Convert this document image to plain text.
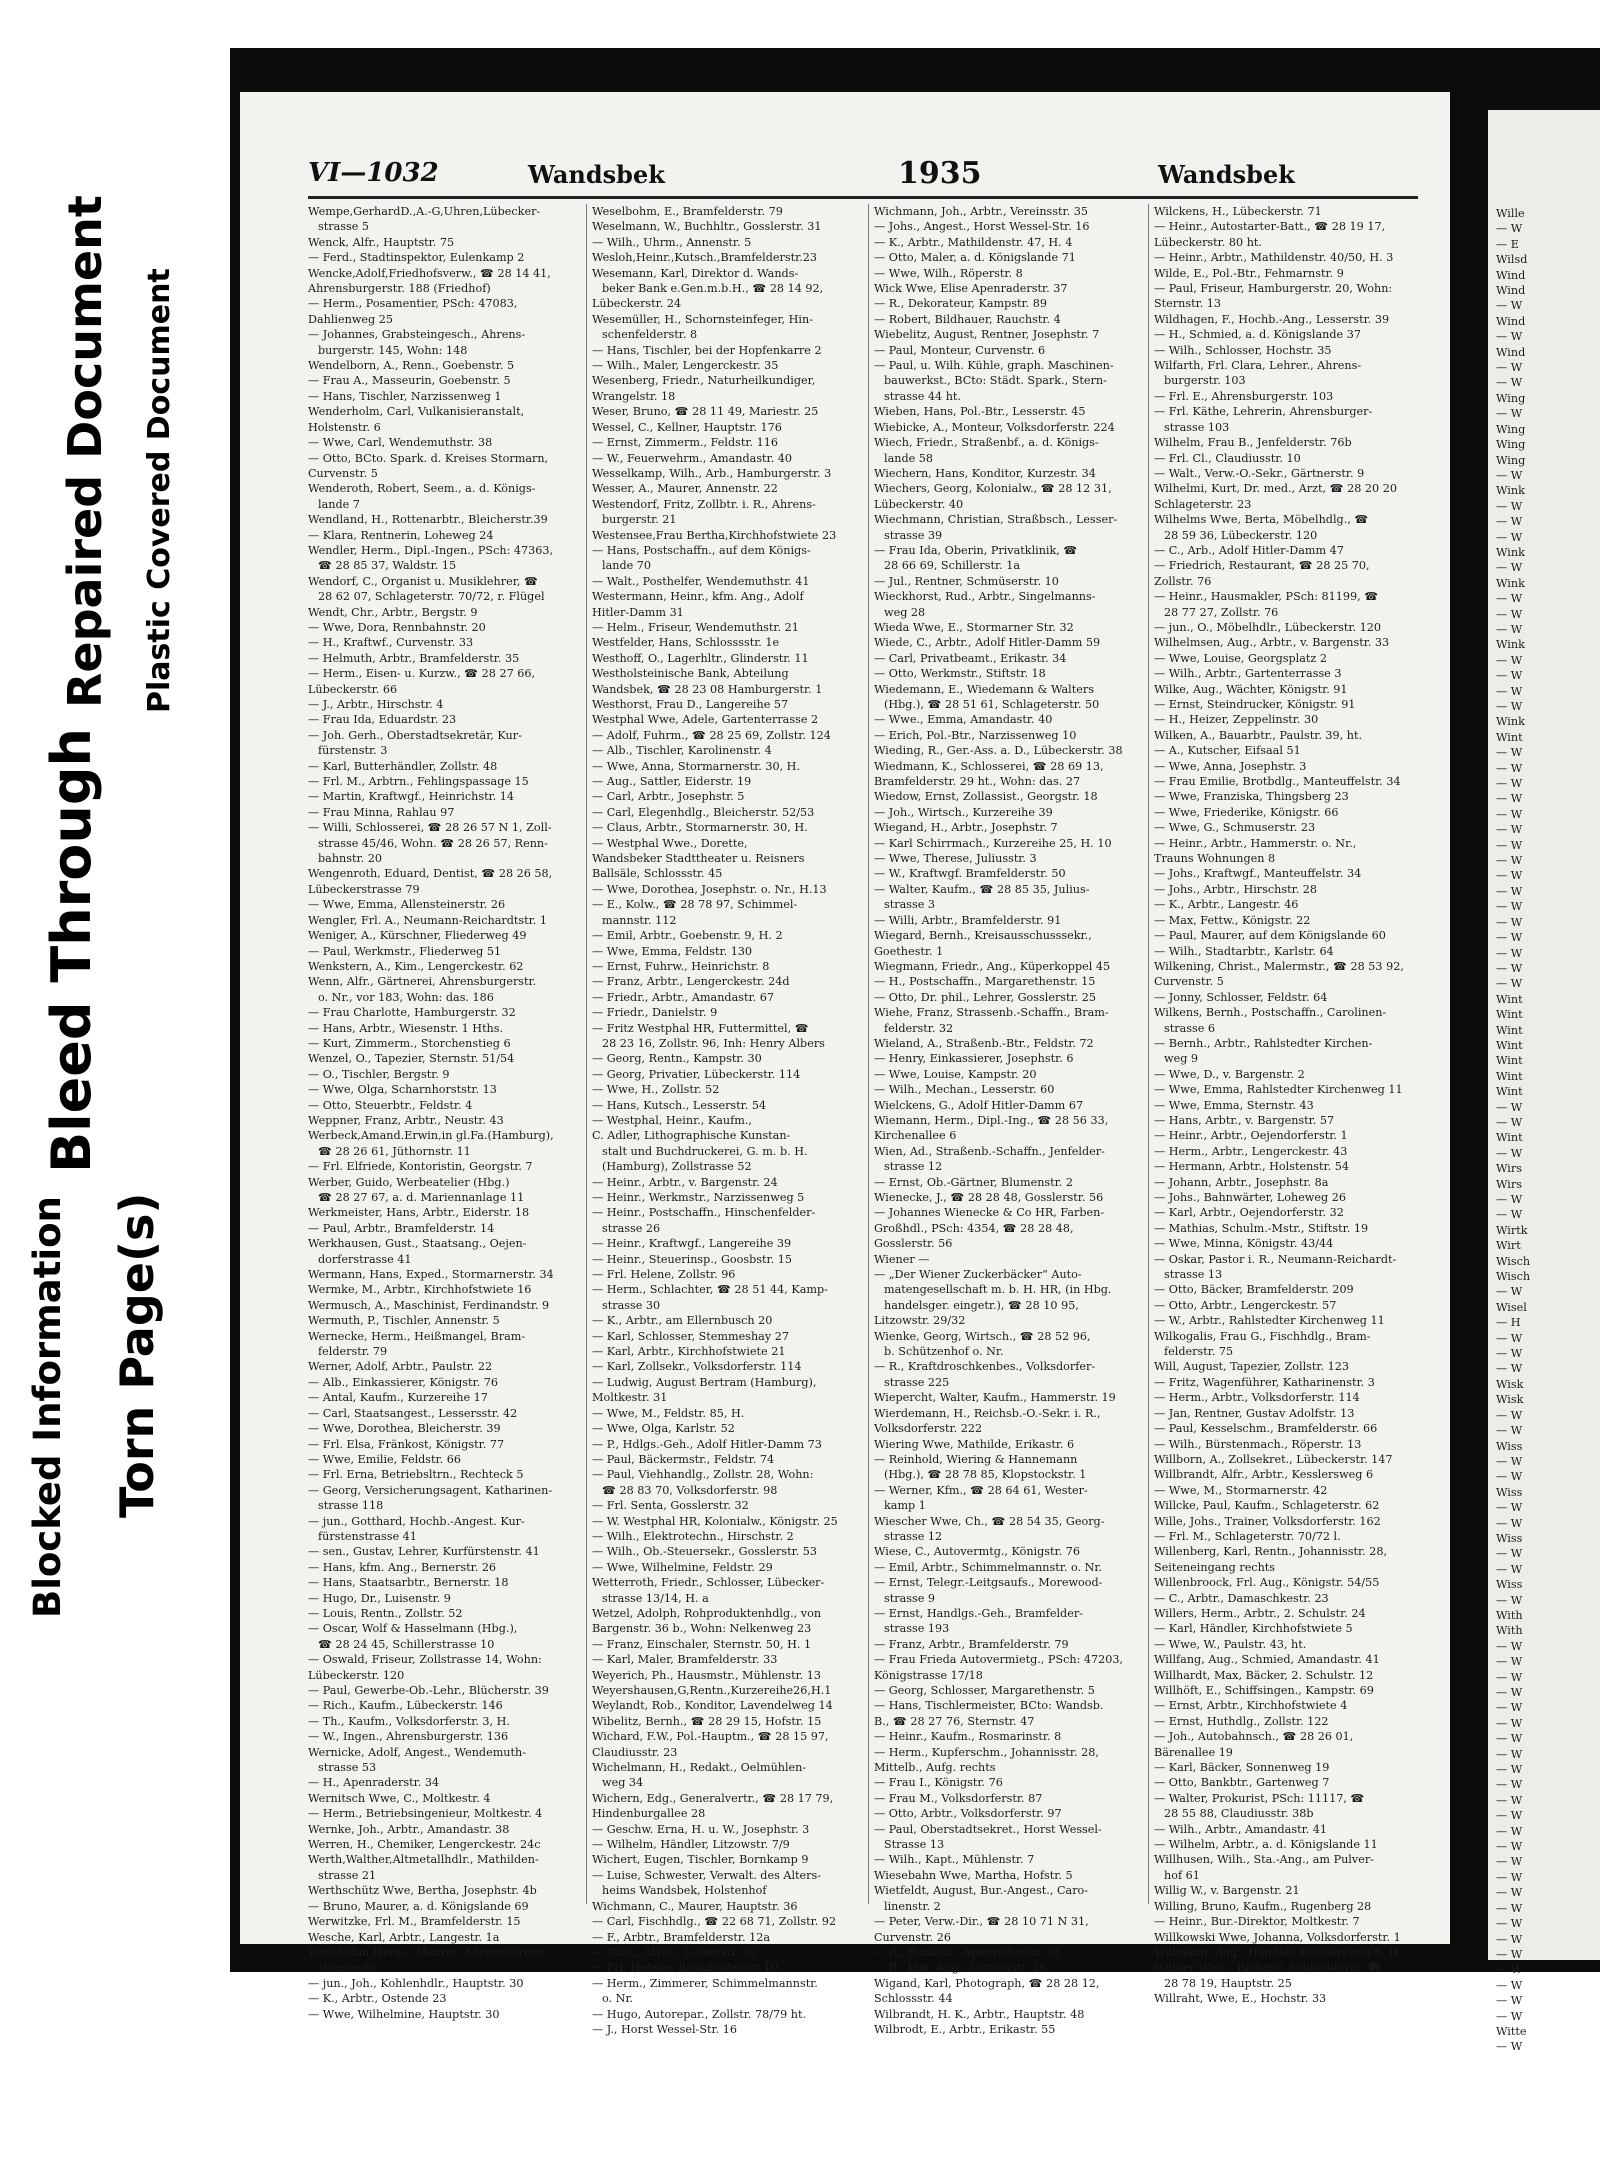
Torn Page(s)
Blocked Information
Bleed Through
Repaired Document Plastic Covered Document
VI—1032	Wandsbek	1935	Wandsbek
Wempe,GerhardD.,A.-G,Uhren,Lübecker-
strasse 5
Wenck, Alfr., Hauptstr. 75
— Ferd., Stadtinspektor, Eulenkamp 2
Wencke,Adolf,Friedhofsverw., ☎ 28 14 41,
Ahrensburgerstr. 188 (Friedhof)
— Herm., Posamentier, PSch: 47083,
Dahlienweg 25
— Johannes, Grabsteingesch., Ahrens-
burgerstr. 145, Wohn: 148
Wendelborn, A., Renn., Goebenstr. 5
— Frau A., Masseurin, Goebenstr. 5
— Hans, Tischler, Narzissenweg 1
Wenderholm, Carl, Vulkanisieranstalt,
Holstenstr. 6
— Wwe, Carl, Wendemuthstr. 38
— Otto, BCto. Spark. d. Kreises Stormarn,
Curvenstr. 5
Wenderoth, Robert, Seem., a. d. Königs-
lande 7
Wendland, H., Rottenarbtr., Bleicherstr.39
— Klara, Rentnerin, Loheweg 24
Wendler, Herm., Dipl.-Ingen., PSch: 47363,
☎ 28 85 37, Waldstr. 15
Wendorf, C., Organist u. Musiklehrer, ☎
28 62 07, Schlageterstr. 70/72, r. Flügel
Wendt, Chr., Arbtr., Bergstr. 9
— Wwe, Dora, Rennbahnstr. 20
— H., Kraftwf., Curvenstr. 33
— Helmuth, Arbtr., Bramfelderstr. 35
— Herm., Eisen- u. Kurzw., ☎ 28 27 66,
Lübeckerstr. 66
— J., Arbtr., Hirschstr. 4
— Frau Ida, Eduardstr. 23
— Joh. Gerh., Oberstadtsekretär, Kur-
fürstenstr. 3
— Karl, Butterhändler, Zollstr. 48
— Frl. M., Arbtrn., Fehlingspassage 15
— Martin, Kraftwgf., Heinrichstr. 14
— Frau Minna, Rahlau 97
— Willi, Schlosserei, ☎ 28 26 57 N 1, Zoll-
strasse 45/46, Wohn. ☎ 28 26 57, Renn-
bahnstr. 20
Wengenroth, Eduard, Dentist, ☎ 28 26 58,
Lübeckerstrasse 79
— Wwe, Emma, Allensteinerstr. 26
Wengler, Frl. A., Neumann-Reichardtstr. 1
Weniger, A., Kürschner, Fliederweg 49
— Paul, Werkmstr., Fliederweg 51
Wenkstern, A., Kim., Lengerckestr. 62
Wenn, Alfr., Gärtnerei, Ahrensburgerstr.
o. Nr., vor 183, Wohn: das. 186
— Frau Charlotte, Hamburgerstr. 32
— Hans, Arbtr., Wiesenstr. 1 Hths.
— Kurt, Zimmerm., Storchenstieg 6
Wenzel, O., Tapezier, Sternstr. 51/54
— O., Tischler, Bergstr. 9
— Wwe, Olga, Scharnhorststr. 13
— Otto, Steuerbtr., Feldstr. 4
Weppner, Franz, Arbtr., Neustr. 43
Werbeck,Amand.Erwin,in gl.Fa.(Hamburg),
☎ 28 26 61, Jüthornstr. 11
— Frl. Elfriede, Kontoristin, Georgstr. 7
Werber, Guido, Werbeatelier (Hbg.)
☎ 28 27 67, a. d. Mariennanlage 11
Werkmeister, Hans, Arbtr., Eiderstr. 18
— Paul, Arbtr., Bramfelderstr. 14
Werkhausen, Gust., Staatsang., Oejen-
dorferstrasse 41
Wermann, Hans, Exped., Stormarnerstr. 34
Wermke, M., Arbtr., Kirchhofstwiete 16
Wermusch, A., Maschinist, Ferdinandstr. 9
Wermuth, P., Tischler, Annenstr. 5
Wernecke, Herm., Heißmangel, Bram-
felderstr. 79
Werner, Adolf, Arbtr., Paulstr. 22
— Alb., Einkassierer, Königstr. 76
— Antal, Kaufm., Kurzereihe 17
— Carl, Staatsangest., Lessersstr. 42
— Wwe, Dorothea, Bleicherstr. 39
— Frl. Elsa, Fränkost, Königstr. 77
— Wwe, Emilie, Feldstr. 66
— Frl. Erna, Betriebsltrn., Rechteck 5
— Georg, Versicherungsagent, Katharinen-
strasse 118
— jun., Gotthard, Hochb.-Angest. Kur-
fürstenstrasse 41
— sen., Gustav, Lehrer, Kurfürstenstr. 41
— Hans, kfm. Ang., Bernerstr. 26
— Hans, Staatsarbtr., Bernerstr. 18
— Hugo, Dr., Luisenstr. 9
— Louis, Rentn., Zollstr. 52
— Oscar, Wolf & Hasselmann (Hbg.),
☎ 28 24 45, Schillerstrasse 10
— Oswald, Friseur, Zollstrasse 14, Wohn:
Lübeckerstr. 120
— Paul, Gewerbe-Ob.-Lehr., Blücherstr. 39
— Rich., Kaufm., Lübeckerstr. 146
— Th., Kaufm., Volksdorferstr. 3, H.
— W., Ingen., Ahrensburgerstr. 136
Wernicke, Adolf, Angest., Wendemuth-
strasse 53
— H., Apenraderstr. 34
Wernitsch Wwe, C., Moltkestr. 4
— Herm., Betriebsingenieur, Moltkestr. 4
Wernke, Joh., Arbtr., Amandastr. 38
Werren, H., Chemiker, Lengerckestr. 24c
Werth,Walther,Altmetallhdlr., Mathilden-
strasse 21
Werthschütz Wwe, Bertha, Josephstr. 4b
— Bruno, Maurer, a. d. Königslande 69
Werwitzke, Frl. M., Bramfelderstr. 15
Wesche, Karl, Arbtr., Langestr. 1a
Wesebohm,Herm., Maurer, Ahrensburger-
strasse 69
— jun., Joh., Kohlenhdlr., Hauptstr. 30
— K., Arbtr., Ostende 23
— Wwe, Wilhelmine, Hauptstr. 30
Weselbohm, E., Bramfelderstr. 79
Weselmann, W., Buchhltr., Gosslerstr. 31
— Wilh., Uhrm., Annenstr. 5
Wesloh,Heinr.,Kutsch.,Bramfelderstr.23
Wesemann, Karl, Direktor d. Wands-
beker Bank e.Gen.m.b.H., ☎ 28 14 92,
Lübeckerstr. 24
Wesemüller, H., Schornsteinfeger, Hin-
schenfelderstr. 8
— Hans, Tischler, bei der Hopfenkarre 2
— Wilh., Maler, Lengerckestr. 35
Wesenberg, Friedr., Naturheilkundiger,
Wrangelstr. 18
Weser, Bruno, ☎ 28 11 49, Mariestr. 25
Wessel, C., Kellner, Hauptstr. 176
— Ernst, Zimmerm., Feldstr. 116
— W., Feuerwehrm., Amandastr. 40
Wesselkamp, Wilh., Arb., Hamburgerstr. 3
Wesser, A., Maurer, Annenstr. 22
Westendorf, Fritz, Zollbtr. i. R., Ahrens-
burgerstr. 21
Westensee,Frau Bertha,Kirchhofstwiete 23
— Hans, Postschaffn., auf dem Königs-
lande 70
— Walt., Posthelfer, Wendemuthstr. 41
Westermann, Heinr., kfm. Ang., Adolf
Hitler-Damm 31
— Helm., Friseur, Wendemuthstr. 21
Westfelder, Hans, Schlosssstr. 1e
Westhoff, O., Lagerhltr., Glinderstr. 11
Westholsteinische Bank, Abteilung
Wandsbek, ☎ 28 23 08 Hamburgerstr. 1
Westhorst, Frau D., Langereihe 57
Westphal Wwe, Adele, Gartenterrasse 2
— Adolf, Fuhrm., ☎ 28 25 69, Zollstr. 124
— Alb., Tischler, Karolinenstr. 4
— Wwe, Anna, Stormarnerstr. 30, H.
— Aug., Sattler, Eiderstr. 19
— Carl, Arbtr., Josephstr. 5
— Carl, Elegenhdlg., Bleicherstr. 52/53
— Claus, Arbtr., Stormarnerstr. 30, H.
— Westphal Wwe., Dorette,
Wandsbeker Stadttheater u. Reisners
Ballsäle, Schlossstr. 45
— Wwe, Dorothea, Josephstr. o. Nr., H.13
— E., Kolw., ☎ 28 78 97, Schimmel-
mannstr. 112
— Emil, Arbtr., Goebenstr. 9, H. 2
— Wwe, Emma, Feldstr. 130
— Ernst, Fuhrw., Heinrichstr. 8
— Franz, Arbtr., Lengerckestr. 24d
— Friedr., Arbtr., Amandastr. 67
— Friedr., Danielstr. 9
— Fritz Westphal HR, Futtermittel, ☎
28 23 16, Zollstr. 96, Inh: Henry Albers
— Georg, Rentn., Kampstr. 30
— Georg, Privatier, Lübeckerstr. 114
— Wwe, H., Zollstr. 52
— Hans, Kutsch., Lesserstr. 54
— Westphal, Heinr., Kaufm.,
C. Adler, Lithographische Kunstan-
stalt und Buchdruckerei, G. m. b. H.
(Hamburg), Zollstrasse 52
— Heinr., Arbtr., v. Bargenstr. 24
— Heinr., Werkmstr., Narzissenweg 5
— Heinr., Postschaffn., Hinschenfelder-
strasse 26
— Heinr., Kraftwgf., Langereihe 39
— Heinr., Steuerinsp., Goosbstr. 15
— Frl. Helene, Zollstr. 96
— Herm., Schlachter, ☎ 28 51 44, Kamp-
strasse 30
— K., Arbtr., am Ellernbusch 20
— Karl, Schlosser, Stemmeshay 27
— Karl, Arbtr., Kirchhofstwiete 21
— Karl, Zollsekr., Volksdorferstr. 114
— Ludwig, August Bertram (Hamburg),
Moltkestr. 31
— Wwe, M., Feldstr. 85, H.
— Wwe, Olga, Karlstr. 52
— P., Hdlgs.-Geh., Adolf Hitler-Damm 73
— Paul, Bäckermstr., Feldstr. 74
— Paul, Viehhandlg., Zollstr. 28, Wohn:
☎ 28 83 70, Volksdorferstr. 98
— Frl. Senta, Gosslerstr. 32
— W. Westphal HR, Kolonialw., Königstr. 25
— Wilh., Elektrotechn., Hirschstr. 2
— Wilh., Ob.-Steuersekr., Gosslerstr. 53
— Wwe, Wilhelmine, Feldstr. 29
Wetterroth, Friedr., Schlosser, Lübecker-
strasse 13/14, H. a
Wetzel, Adolph, Rohproduktenhdlg., von
Bargenstr. 36 b., Wohn: Nelkenweg 23
— Franz, Einschaler, Sternstr. 50, H. 1
— Karl, Maler, Bramfelderstr. 33
Weyerich, Ph., Hausmstr., Mühlenstr. 13
Weyershausen,G,Rentn.,Kurzereihe26,H.1
Weylandt, Rob., Konditor, Lavendelweg 14
Wibelitz, Bernh., ☎ 28 29 15, Hofstr. 15
Wichard, F.W., Pol.-Hauptm., ☎ 28 15 97,
Claudiusstr. 23
Wichelmann, H., Redakt., Oelmühlen-
weg 34
Wichern, Edg., Generalvertr., ☎ 28 17 79,
Hindenburgallee 28
— Geschw. Erna, H. u. W., Josephstr. 3
— Wilhelm, Händler, Litzowstr. 7/9
Wichert, Eugen, Tischler, Bornkamp 9
— Luise, Schwester, Verwalt. des Alters-
heims Wandsbek, Holstenhof
Wichmann, C., Maurer, Hauptstr. 36
— Carl, Fischhdlg., ☎ 22 68 71, Zollstr. 92
— F., Arbtr., Bramfelderstr. 12a
— Gust., Arbtr., Lesserstr. 62
— Frl. Helene, Bramfelderstr. 10
— Herm., Zimmerer, Schimmelmannstr.
o. Nr.
— Hugo, Autorepar., Zollstr. 78/79 ht.
— J., Horst Wessel-Str. 16
Wichmann, Joh., Arbtr., Vereinsstr. 35
— Johs., Angest., Horst Wessel-Str. 16
— K., Arbtr., Mathildenstr. 47, H. 4
— Otto, Maler, a. d. Königslande 71
— Wwe, Wilh., Röperstr. 8
Wick Wwe, Elise Apenraderstr. 37
— R., Dekorateur, Kampstr. 89
— Robert, Bildhauer, Rauchstr. 4
Wiebelitz, August, Rentner, Josephstr. 7
— Paul, Monteur, Curvenstr. 6
— Paul, u. Wilh. Kühle, graph. Maschinen-
bauwerkst., BCto: Städt. Spark., Stern-
strasse 44 ht.
Wieben, Hans, Pol.-Btr., Lesserstr. 45
Wiebicke, A., Monteur, Volksdorferstr. 224
Wiech, Friedr., Straßenbf., a. d. Königs-
lande 58
Wiechern, Hans, Konditor, Kurzestr. 34
Wiechers, Georg, Kolonialw., ☎ 28 12 31,
Lübeckerstr. 40
Wiechmann, Christian, Straßbsch., Lesser-
strasse 39
— Frau Ida, Oberin, Privatklinik, ☎
28 66 69, Schillerstr. 1a
— Jul., Rentner, Schmüserstr. 10
Wieckhorst, Rud., Arbtr., Singelmanns-
weg 28
Wieda Wwe, E., Stormarner Str. 32
Wiede, C., Arbtr., Adolf Hitler-Damm 59
— Carl, Privatbeamt., Erikastr. 34
— Otto, Werkmstr., Stiftstr. 18
Wiedemann, E., Wiedemann & Walters
(Hbg.), ☎ 28 51 61, Schlageterstr. 50
— Wwe., Emma, Amandastr. 40
— Erich, Pol.-Btr., Narzissenweg 10
Wieding, R., Ger.-Ass. a. D., Lübeckerstr. 38
Wiedmann, K., Schlosserei, ☎ 28 69 13,
Bramfelderstr. 29 ht., Wohn: das. 27
Wiedow, Ernst, Zollassist., Georgstr. 18
— Joh., Wirtsch., Kurzereihe 39
Wiegand, H., Arbtr., Josephstr. 7
— Karl Schirrmach., Kurzereihe 25, H. 10
— Wwe, Therese, Juliusstr. 3
— W., Kraftwgf. Bramfelderstr. 50
— Walter, Kaufm., ☎ 28 85 35, Julius-
strasse 3
— Willi, Arbtr., Bramfelderstr. 91
Wiegard, Bernh., Kreisausschusssekr.,
Goethestr. 1
Wiegmann, Friedr., Ang., Küperkoppel 45
— H., Postschaffn., Margarethenstr. 15
— Otto, Dr. phil., Lehrer, Gosslerstr. 25
Wiehe, Franz, Strassenb.-Schaffn., Bram-
felderstr. 32
Wieland, A., Straßenb.-Btr., Feldstr. 72
— Henry, Einkassierer, Josephstr. 6
— Wwe, Louise, Kampstr. 20
— Wilh., Mechan., Lesserstr. 60
Wielckens, G., Adolf Hitler-Damm 67
Wiemann, Herm., Dipl.-Ing., ☎ 28 56 33,
Kirchenallee 6
Wien, Ad., Straßenb.-Schaffn., Jenfelder-
strasse 12
— Ernst, Ob.-Gärtner, Blumenstr. 2
Wienecke, J., ☎ 28 28 48, Gosslerstr. 56
— Johannes Wienecke & Co HR, Farben-
Großhdl., PSch: 4354, ☎ 28 28 48,
Gosslerstr. 56
Wiener —
— „Der Wiener Zuckerbäcker“ Auto-
matengesellschaft m. b. H. HR, (in Hbg.
handelsger. eingetr.), ☎ 28 10 95,
Litzowstr. 29/32
Wienke, Georg, Wirtsch., ☎ 28 52 96,
b. Schützenhof o. Nr.
— R., Kraftdroschkenbes., Volksdorfer-
strasse 225
Wiepercht, Walter, Kaufm., Hammerstr. 19
Wierdemann, H., Reichsb.-O.-Sekr. i. R.,
Volksdorferstr. 222
Wiering Wwe, Mathilde, Erikastr. 6
— Reinhold, Wiering & Hannemann
(Hbg.), ☎ 28 78 85, Klopstockstr. 1
— Werner, Kfm., ☎ 28 64 61, Wester-
kamp 1
Wiescher Wwe, Ch., ☎ 28 54 35, Georg-
strasse 12
Wiese, C., Autovermtg., Königstr. 76
— Emil, Arbtr., Schimmelmannstr. o. Nr.
— Ernst, Telegr.-Leitgsaufs., Morewood-
strasse 9
— Ernst, Handlgs.-Geh., Bramfelder-
strasse 193
— Franz, Arbtr., Bramfelderstr. 79
— Frau Frieda Autovermietg., PSch: 47203,
Königstrasse 17/18
— Georg, Schlosser, Margarethenstr. 5
— Hans, Tischlermeister, BCto: Wandsb.
B., ☎ 28 27 76, Sternstr. 47
— Heinr., Kaufm., Rosmarinstr. 8
— Herm., Kupferschm., Johannisstr. 28,
Mittelb., Aufg. rechts
— Frau I., Königstr. 76
— Frau M., Volksdorferstr. 87
— Otto, Arbtr., Volksdorferstr. 97
— Paul, Oberstadtsekret., Horst Wessel-
Strasse 13
— Wilh., Kapt., Mühlenstr. 7
Wiesebahn Wwe, Martha, Hofstr. 5
Wietfeldt, August, Bur.-Angest., Caro-
linenstr. 2
— Peter, Verw.-Dir., ☎ 28 10 71 N 31,
Curvenstr. 26
— R., Bankbtr., Apenraderstr. 38
— R., kfm. Ang., Curvenstr. 26
Wigand, Karl, Photograph, ☎ 28 28 12,
Schlossstr. 44
Wilbrandt, H. K., Arbtr., Hauptstr. 48
Wilbrodt, E., Arbtr., Erikastr. 55
Wilckens, H., Lübeckerstr. 71
— Heinr., Autostarter-Batt., ☎ 28 19 17,
Lübeckerstr. 80 ht.
— Heinr., Arbtr., Mathildenstr. 40/50, H. 3
Wilde, E., Pol.-Btr., Fehmarnstr. 9
— Paul, Friseur, Hamburgerstr. 20, Wohn:
Sternstr. 13
Wildhagen, F., Hochb.-Ang., Lesserstr. 39
— H., Schmied, a. d. Königslande 37
— Wilh., Schlosser, Hochstr. 35
Wilfarth, Frl. Clara, Lehrer., Ahrens-
burgerstr. 103
— Frl. E., Ahrensburgerstr. 103
— Frl. Käthe, Lehrerin, Ahrensburger-
strasse 103
Wilhelm, Frau B., Jenfelderstr. 76b
— Frl. Cl., Claudiusstr. 10
— Walt., Verw.-O.-Sekr., Gärtnerstr. 9
Wilhelmi, Kurt, Dr. med., Arzt, ☎ 28 20 20
Schlageterstr. 23
Wilhelms Wwe, Berta, Möbelhdlg., ☎
28 59 36, Lübeckerstr. 120
— C., Arb., Adolf Hitler-Damm 47
— Friedrich, Restaurant, ☎ 28 25 70,
Zollstr. 76
— Heinr., Hausmakler, PSch: 81199, ☎
28 77 27, Zollstr. 76
— jun., O., Möbelhdlr., Lübeckerstr. 120
Wilhelmsen, Aug., Arbtr., v. Bargenstr. 33
— Wwe, Louise, Georgsplatz 2
— Wilh., Arbtr., Gartenterrasse 3
Wilke, Aug., Wächter, Königstr. 91
— Ernst, Steindrucker, Königstr. 91
— H., Heizer, Zeppelinstr. 30
Wilken, A., Bauarbtr., Paulstr. 39, ht.
— A., Kutscher, Eifsaal 51
— Wwe, Anna, Josephstr. 3
— Frau Emilie, Brotbdlg., Manteuffelstr. 34
— Wwe, Franziska, Thingsberg 23
— Wwe, Friederike, Königstr. 66
— Wwe, G., Schmuserstr. 23
— Heinr., Arbtr., Hammerstr. o. Nr.,
Trauns Wohnungen 8
— Johs., Kraftwgf., Manteuffelstr. 34
— Johs., Arbtr., Hirschstr. 28
— K., Arbtr., Langestr. 46
— Max, Fettw., Königstr. 22
— Paul, Maurer, auf dem Königslande 60
— Wilh., Stadtarbtr., Karlstr. 64
Wilkening, Christ., Malermstr., ☎ 28 53 92,
Curvenstr. 5
— Jonny, Schlosser, Feldstr. 64
Wilkens, Bernh., Postschaffn., Carolinen-
strasse 6
— Bernh., Arbtr., Rahlstedter Kirchen-
weg 9
— Wwe, D., v. Bargenstr. 2
— Wwe, Emma, Rahlstedter Kirchenweg 11
— Wwe, Emma, Sternstr. 43
— Hans, Arbtr., v. Bargenstr. 57
— Heinr., Arbtr., Oejendorferstr. 1
— Herm., Arbtr., Lengerckestr. 43
— Hermann, Arbtr., Holstenstr. 54
— Johann, Arbtr., Josephstr. 8a
— Johs., Bahnwärter, Loheweg 26
— Karl, Arbtr., Oejendorferstr. 32
— Mathias, Schulm.-Mstr., Stiftstr. 19
— Wwe, Minna, Königstr. 43/44
— Oskar, Pastor i. R., Neumann-Reichardt-
strasse 13
— Otto, Bäcker, Bramfelderstr. 209
— Otto, Arbtr., Lengerckestr. 57
— W., Arbtr., Rahlstedter Kirchenweg 11
Wilkogalis, Frau G., Fischhdlg., Bram-
felderstr. 75
Will, August, Tapezier, Zollstr. 123
— Fritz, Wagenführer, Katharinenstr. 3
— Herm., Arbtr., Volksdorferstr. 114
— Jan, Rentner, Gustav Adolfstr. 13
— Paul, Kesselschm., Bramfelderstr. 66
— Wilh., Bürstenmach., Röperstr. 13
Willborn, A., Zollsekret., Lübeckerstr. 147
Willbrandt, Alfr., Arbtr., Kesslersweg 6
— Wwe, M., Stormarnerstr. 42
Willcke, Paul, Kaufm., Schlageterstr. 62
Wille, Johs., Trainer, Volksdorferstr. 162
— Frl. M., Schlageterstr. 70/72 l.
Willenberg, Karl, Rentn., Johannisstr. 28,
Seiteneingang rechts
Willenbroock, Frl. Aug., Königstr. 54/55
— C., Arbtr., Damaschkestr. 23
Willers, Herm., Arbtr., 2. Schulstr. 24
— Karl, Händler, Kirchhofstwiete 5
— Wwe, W., Paulstr. 43, ht.
Willfang, Aug., Schmied, Amandastr. 41
Willhardt, Max, Bäcker, 2. Schulstr. 12
Willhöft, E., Schiffsingen., Kampstr. 69
— Ernst, Arbtr., Kirchhofstwiete 4
— Ernst, Huthdlg., Zollstr. 122
— Joh., Autobahnsch., ☎ 28 26 01,
Bärenallee 19
— Karl, Bäcker, Sonnenweg 19
— Otto, Bankbtr., Gartenweg 7
— Walter, Prokurist, PSch: 11117, ☎
28 55 88, Claudiusstr. 38b
— Wilh., Arbtr., Amandastr. 41
— Wilhelm, Arbtr., a. d. Königslande 11
Willhusen, Wilh., Sta.-Ang., am Pulver-
hof 61
Willig W., v. Bargenstr. 21
Willing, Bruno, Kaufm., Rugenberg 28
— Heinr., Bur.-Direktor, Moltkestr. 7
Willkowski Wwe, Johanna, Volksdorferstr. 1
Willmann, Aug., Händler, Kesslersweg 6, H.
Willner Wwe., Richard, Schlachterei, ☎
28 78 19, Hauptstr. 25
Willraht, Wwe, E., Hochstr. 33
Wille
— W
— E
Wilsd
Wind
Wind
— W
Wind
— W
Wind
— W
— W
Wing
— W
Wing
Wing
Wing
— W
Wink
— W
— W
— W
Wink
— W
Wink
— W
— W
— W
Wink
— W
— W
— W
— W
Wink
Wint
— W
— W
— W
— W
— W
— W
— W
— W
— W
— W
— W
— W
— W
— W
— W
— W
Wint
Wint
Wint
Wint
Wint
Wint
Wint
— W
— W
Wint
— W
Wirs
Wirs
— W
— W
Wirtk
Wirt
Wisch
Wisch
— W
Wisel
— H
— W
— W
— W
Wisk
Wisk
— W
— W
Wiss
— W
— W
Wiss
— W
— W
Wiss
— W
— W
Wiss
— W
With
With
— W
— W
— W
— W
— W
— W
— W
— W
— W
— W
— W
— W
— W
— W
— W
— W
— W
— W
— W
— W
— W
— W
— W
— W
— W
Witte
— W
